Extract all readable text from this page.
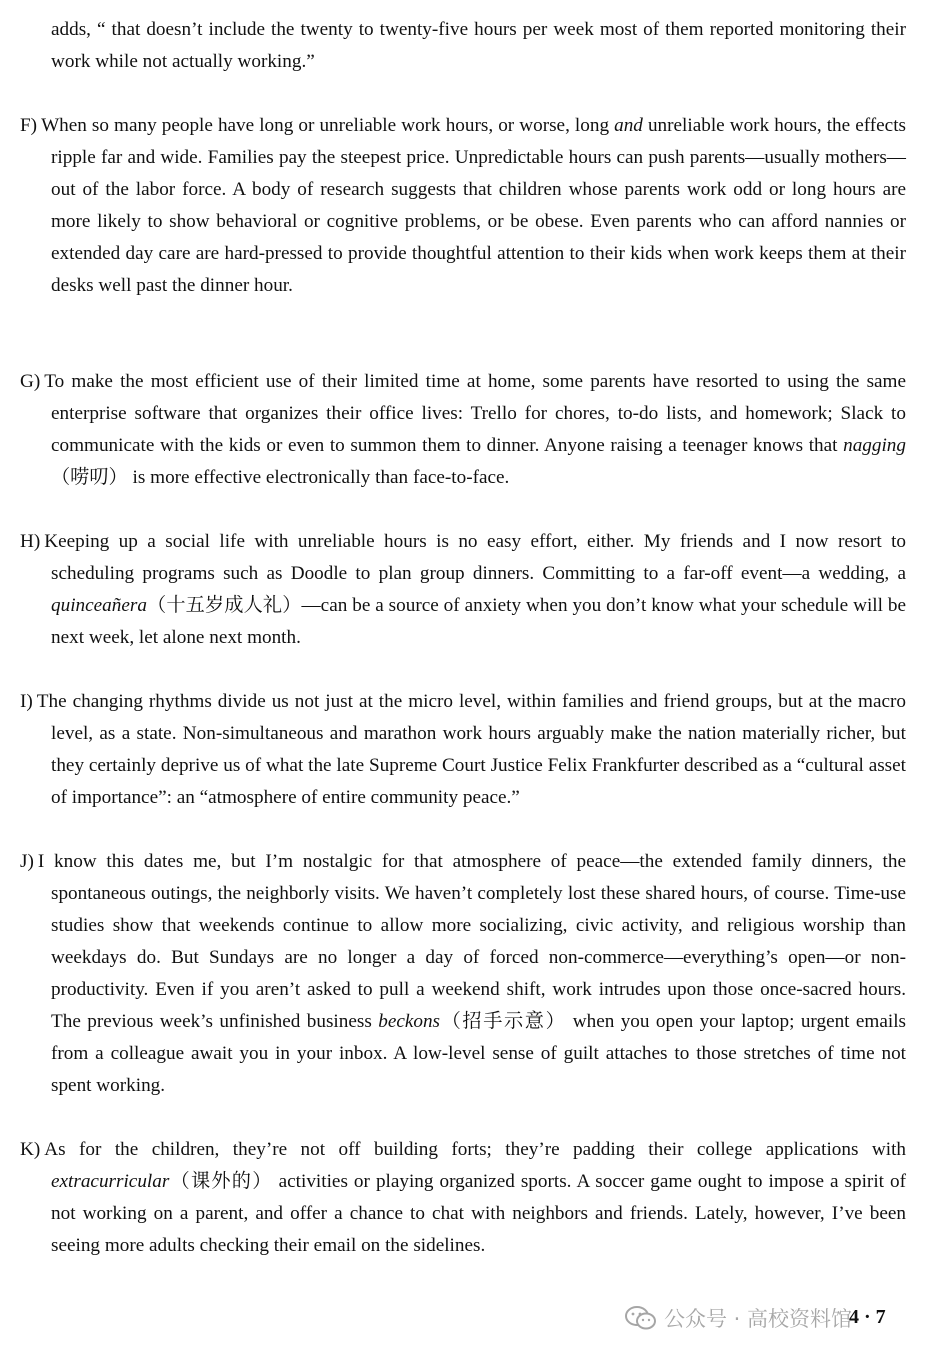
adds, “ that doesn’t include the twenty to twenty-five hours per week most of them reported monitoring their work while not actually working.”

F) When so many people have long or unreliable work hours, or worse, long and unreliable work hours, the effects ripple far and wide. Families pay the steepest price. Unpredictable hours can push parents—usually mothers—out of the labor force. A body of research suggests that children whose parents work odd or long hours are more likely to show behavioral or cognitive problems, or be obese. Even parents who can afford nannies or extended day care are hard-pressed to provide thoughtful attention to their kids when work keeps them at their desks well past the dinner hour.

G) To make the most efficient use of their limited time at home, some parents have resorted to using the same enterprise software that organizes their office lives: Trello for chores, to-do lists, and homework; Slack to communicate with the kids or even to summon them to dinner. Anyone raising a teenager knows that nagging（唠叨） is more effective electronically than face-to-face.

H) Keeping up a social life with unreliable hours is no easy effort, either. My friends and I now resort to scheduling programs such as Doodle to plan group dinners. Committing to a far-off event—a wedding, a quinceañera（十五岁成人礼）—can be a source of anxiety when you don’t know what your schedule will be next week, let alone next month.

I) The changing rhythms divide us not just at the micro level, within families and friend groups, but at the macro level, as a state. Non-simultaneous and marathon work hours arguably make the nation materially richer, but they certainly deprive us of what the late Supreme Court Justice Felix Frankfurter described as a “cultural asset of importance”: an “atmosphere of entire community peace.”

J) I know this dates me, but I’m nostalgic for that atmosphere of peace—the extended family dinners, the spontaneous outings, the neighborly visits. We haven’t completely lost these shared hours, of course. Time-use studies show that weekends continue to allow more socializing, civic activity, and religious worship than weekdays do. But Sundays are no longer a day of forced non-commerce—everything’s open—or non-productivity. Even if you aren’t asked to pull a weekend shift, work intrudes upon those once-sacred hours. The previous week’s unfinished business beckons（招手示意） when you open your laptop; urgent emails from a colleague await you in your inbox. A low-level sense of guilt attaches to those stretches of time not spent working.

K) As for the children, they’re not off building forts; they’re padding their college applications with extracurricular（课外的） activities or playing organized sports. A soccer game ought to impose a spirit of not working on a parent, and offer a chance to chat with neighbors and friends. Lately, however, I’ve been seeing more adults checking their email on the sidelines.

公众号 · 高校资料馆
4 · 7
